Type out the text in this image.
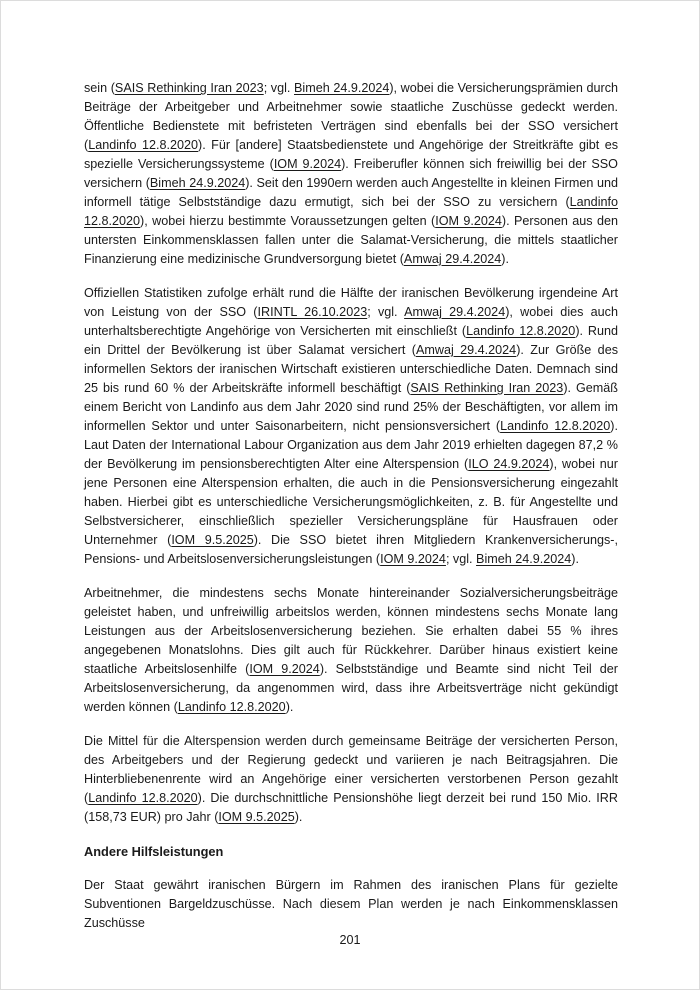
sein (SAIS Rethinking Iran 2023; vgl. Bimeh 24.9.2024), wobei die Versicherungsprämien durch Beiträge der Arbeitgeber und Arbeitnehmer sowie staatliche Zuschüsse gedeckt werden. Öffentliche Bedienstete mit befristeten Verträgen sind ebenfalls bei der SSO versichert (Landinfo 12.8.2020). Für [andere] Staatsbedienstete und Angehörige der Streitkräfte gibt es spezielle Versicherungssysteme (IOM 9.2024). Freiberufler können sich freiwillig bei der SSO versichern (Bimeh 24.9.2024). Seit den 1990ern werden auch Angestellte in kleinen Firmen und informell tätige Selbstständige dazu ermutigt, sich bei der SSO zu versichern (Landinfo 12.8.2020), wobei hierzu bestimmte Voraussetzungen gelten (IOM 9.2024). Personen aus den untersten Einkommensklassen fallen unter die Salamat-Versicherung, die mittels staatlicher Finanzierung eine medizinische Grundversorgung bietet (Amwaj 29.4.2024).

Offiziellen Statistiken zufolge erhält rund die Hälfte der iranischen Bevölkerung irgendeine Art von Leistung von der SSO (IRINTL 26.10.2023; vgl. Amwaj 29.4.2024), wobei dies auch unterhaltsberechtigte Angehörige von Versicherten mit einschließt (Landinfo 12.8.2020). Rund ein Drittel der Bevölkerung ist über Salamat versichert (Amwaj 29.4.2024). Zur Größe des informellen Sektors der iranischen Wirtschaft existieren unterschiedliche Daten. Demnach sind 25 bis rund 60 % der Arbeitskräfte informell beschäftigt (SAIS Rethinking Iran 2023). Gemäß einem Bericht von Landinfo aus dem Jahr 2020 sind rund 25% der Beschäftigten, vor allem im informellen Sektor und unter Saisonarbeitern, nicht pensionsversichert (Landinfo 12.8.2020). Laut Daten der International Labour Organization aus dem Jahr 2019 erhielten dagegen 87,2 % der Bevölkerung im pensionsberechtigten Alter eine Alterspension (ILO 24.9.2024), wobei nur jene Personen eine Alterspension erhalten, die auch in die Pensionsversicherung eingezahlt haben. Hierbei gibt es unterschiedliche Versicherungsmöglichkeiten, z. B. für Angestellte und Selbstversicherer, einschließlich spezieller Versicherungspläne für Hausfrauen oder Unternehmer (IOM 9.5.2025). Die SSO bietet ihren Mitgliedern Krankenversicherungs-, Pensions- und Arbeitslosenversicherungsleistungen (IOM 9.2024; vgl. Bimeh 24.9.2024).

Arbeitnehmer, die mindestens sechs Monate hintereinander Sozialversicherungsbeiträge geleistet haben, und unfreiwillig arbeitslos werden, können mindestens sechs Monate lang Leistungen aus der Arbeitslosenversicherung beziehen. Sie erhalten dabei 55 % ihres angegebenen Monatslohns. Dies gilt auch für Rückkehrer. Darüber hinaus existiert keine staatliche Arbeitslosenhilfe (IOM 9.2024). Selbstständige und Beamte sind nicht Teil der Arbeitslosenversicherung, da angenommen wird, dass ihre Arbeitsverträge nicht gekündigt werden können (Landinfo 12.8.2020).

Die Mittel für die Alterspension werden durch gemeinsame Beiträge der versicherten Person, des Arbeitgebers und der Regierung gedeckt und variieren je nach Beitragsjahren. Die Hinterbliebenenrente wird an Angehörige einer versicherten verstorbenen Person gezahlt (Landinfo 12.8.2020). Die durchschnittliche Pensionshöhe liegt derzeit bei rund 150 Mio. IRR (158,73 EUR) pro Jahr (IOM 9.5.2025).

Andere Hilfsleistungen

Der Staat gewährt iranischen Bürgern im Rahmen des iranischen Plans für gezielte Subventionen Bargeldzuschüsse. Nach diesem Plan werden je nach Einkommensklassen Zuschüsse

201
